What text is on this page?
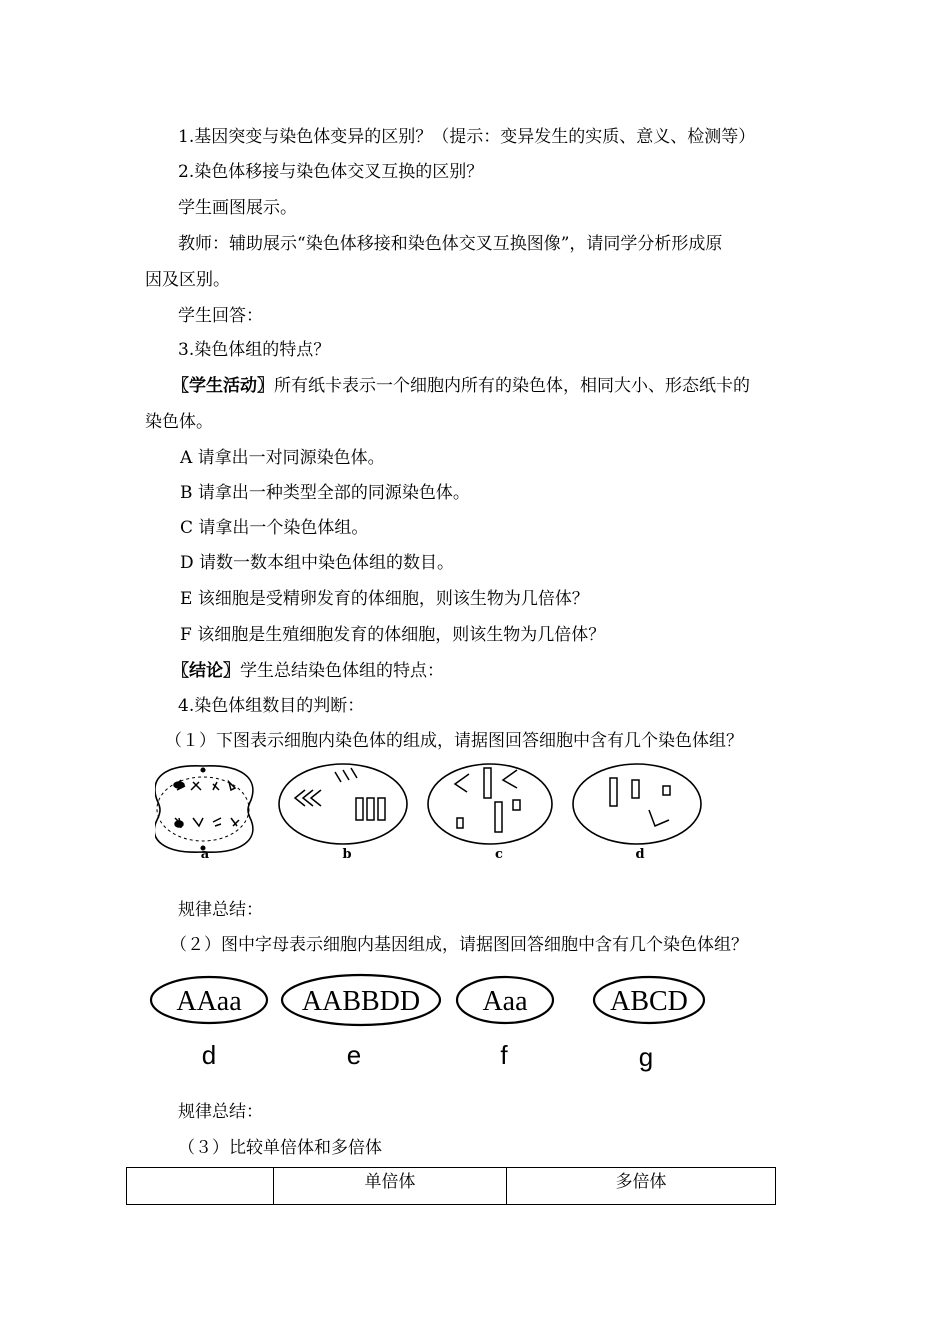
1.基因突变与染色体变异的区别？（提示：变异发生的实质、意义、检测等）
2.染色体移接与染色体交叉互换的区别？
学生画图展示。
教师：辅助展示“染色体移接和染色体交叉互换图像”，请同学分析形成原
因及区别。
学生回答：
3.染色体组的特点？
〖学生活动〗所有纸卡表示一个细胞内所有的染色体，相同大小、形态纸卡的
染色体。
A 请拿出一对同源染色体。
B 请拿出一种类型全部的同源染色体。
C 请拿出一个染色体组。
D 请数一数本组中染色体组的数目。
E 该细胞是受精卵发育的体细胞，则该生物为几倍体？
F 该细胞是生殖细胞发育的体细胞，则该生物为几倍体？
〖结论〗学生总结染色体组的特点：
4.染色体组数目的判断：
（１）下图表示细胞内染色体的组成，请据图回答细胞中含有几个染色体组？
a	b	c	d
规律总结：
（２）图中字母表示细胞内基因组成，请据图回答细胞中含有几个染色体组？
AAaa AABBDD Aaa	ABCD
d	e	f	g
规律总结：
（３）比较单倍体和多倍体
	单倍体	多倍体
